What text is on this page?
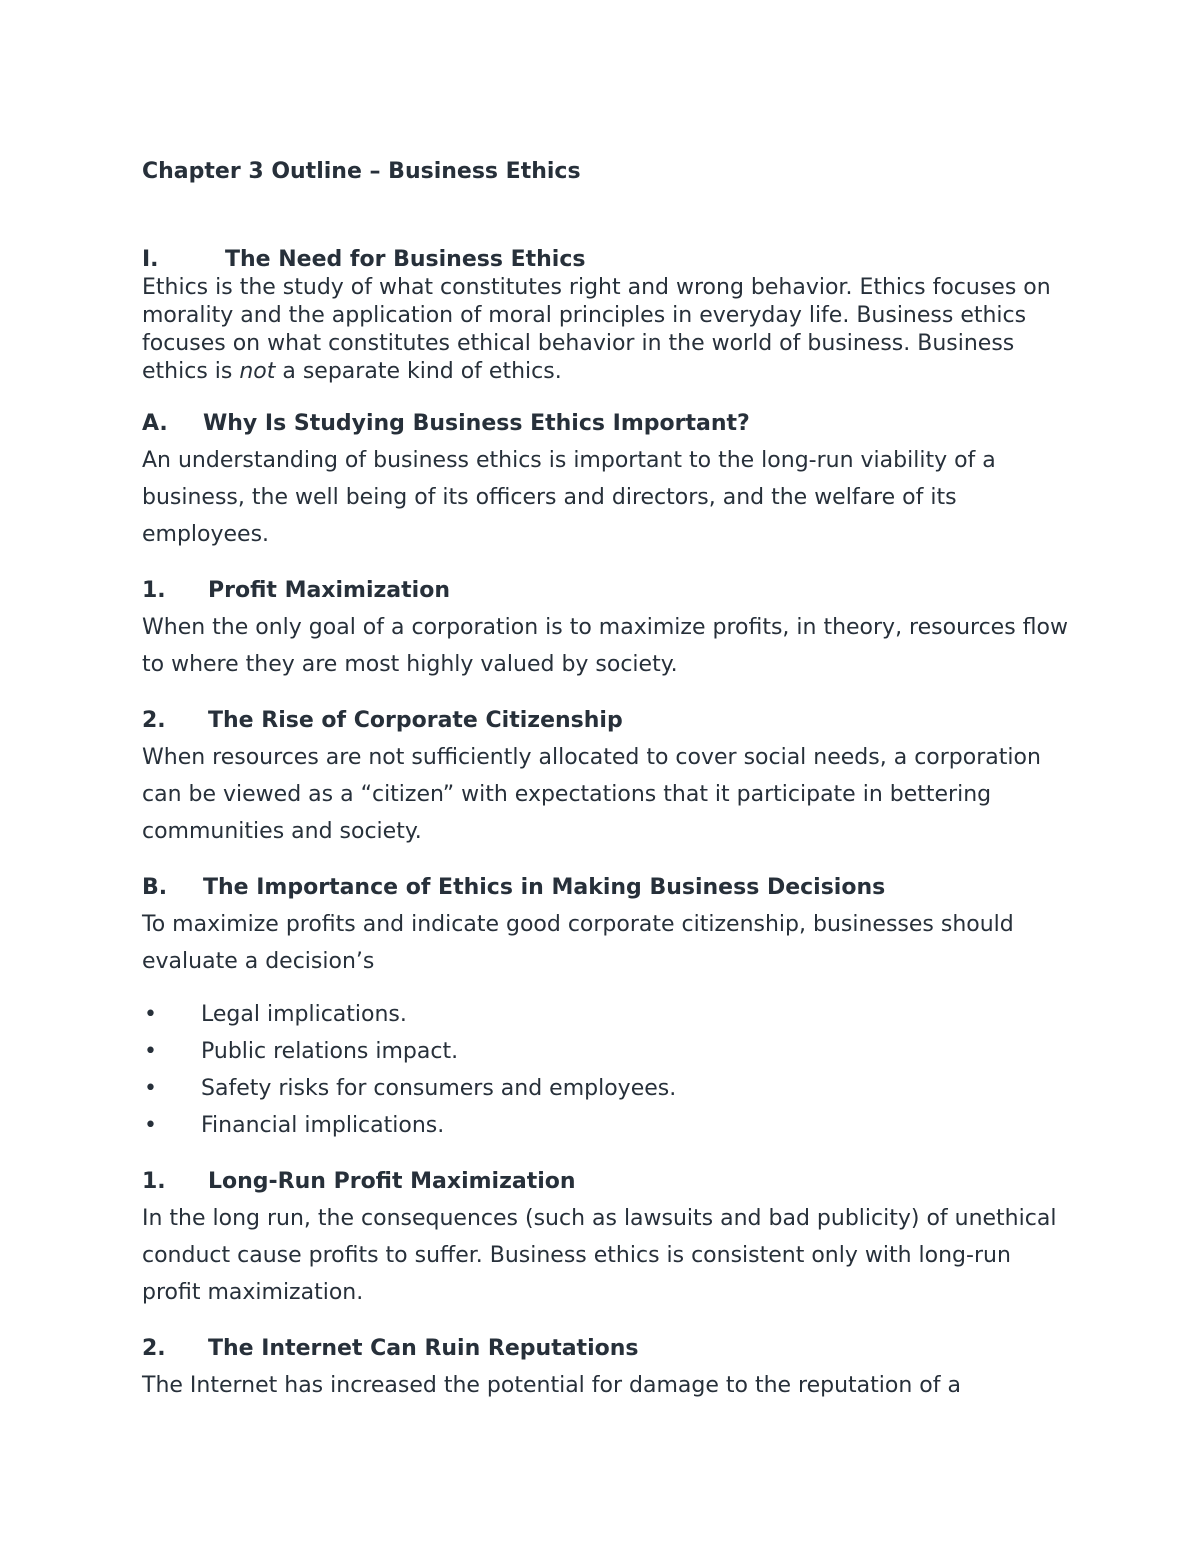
Chapter 3 Outline – Business Ethics

I.	The Need for Business Ethics

Ethics is the study of what constitutes right and wrong behavior. Ethics focuses on morality and the application of moral principles in everyday life. Business ethics focuses on what constitutes ethical behavior in the world of business. Business ethics is not a separate kind of ethics.

A.	Why Is Studying Business Ethics Important?

An understanding of business ethics is important to the long-run viability of a business, the well being of its officers and directors, and the welfare of its employees.

1.	Profit Maximization

When the only goal of a corporation is to maximize profits, in theory, resources flow to where they are most highly valued by society.

2.	The Rise of Corporate Citizenship

When resources are not sufficiently allocated to cover social needs, a corporation can be viewed as a “citizen” with expectations that it participate in bettering communities and society.

B.	The Importance of Ethics in Making Business Decisions

To maximize profits and indicate good corporate citizenship, businesses should evaluate a decision’s

•	Legal implications.
•	Public relations impact.
•	Safety risks for consumers and employees.
•	Financial implications.
1.	Long-Run Profit Maximization

In the long run, the consequences (such as lawsuits and bad publicity) of unethical conduct cause profits to suffer. Business ethics is consistent only with long-run profit maximization.

2.	The Internet Can Ruin Reputations

The Internet has increased the potential for damage to the reputation of a
